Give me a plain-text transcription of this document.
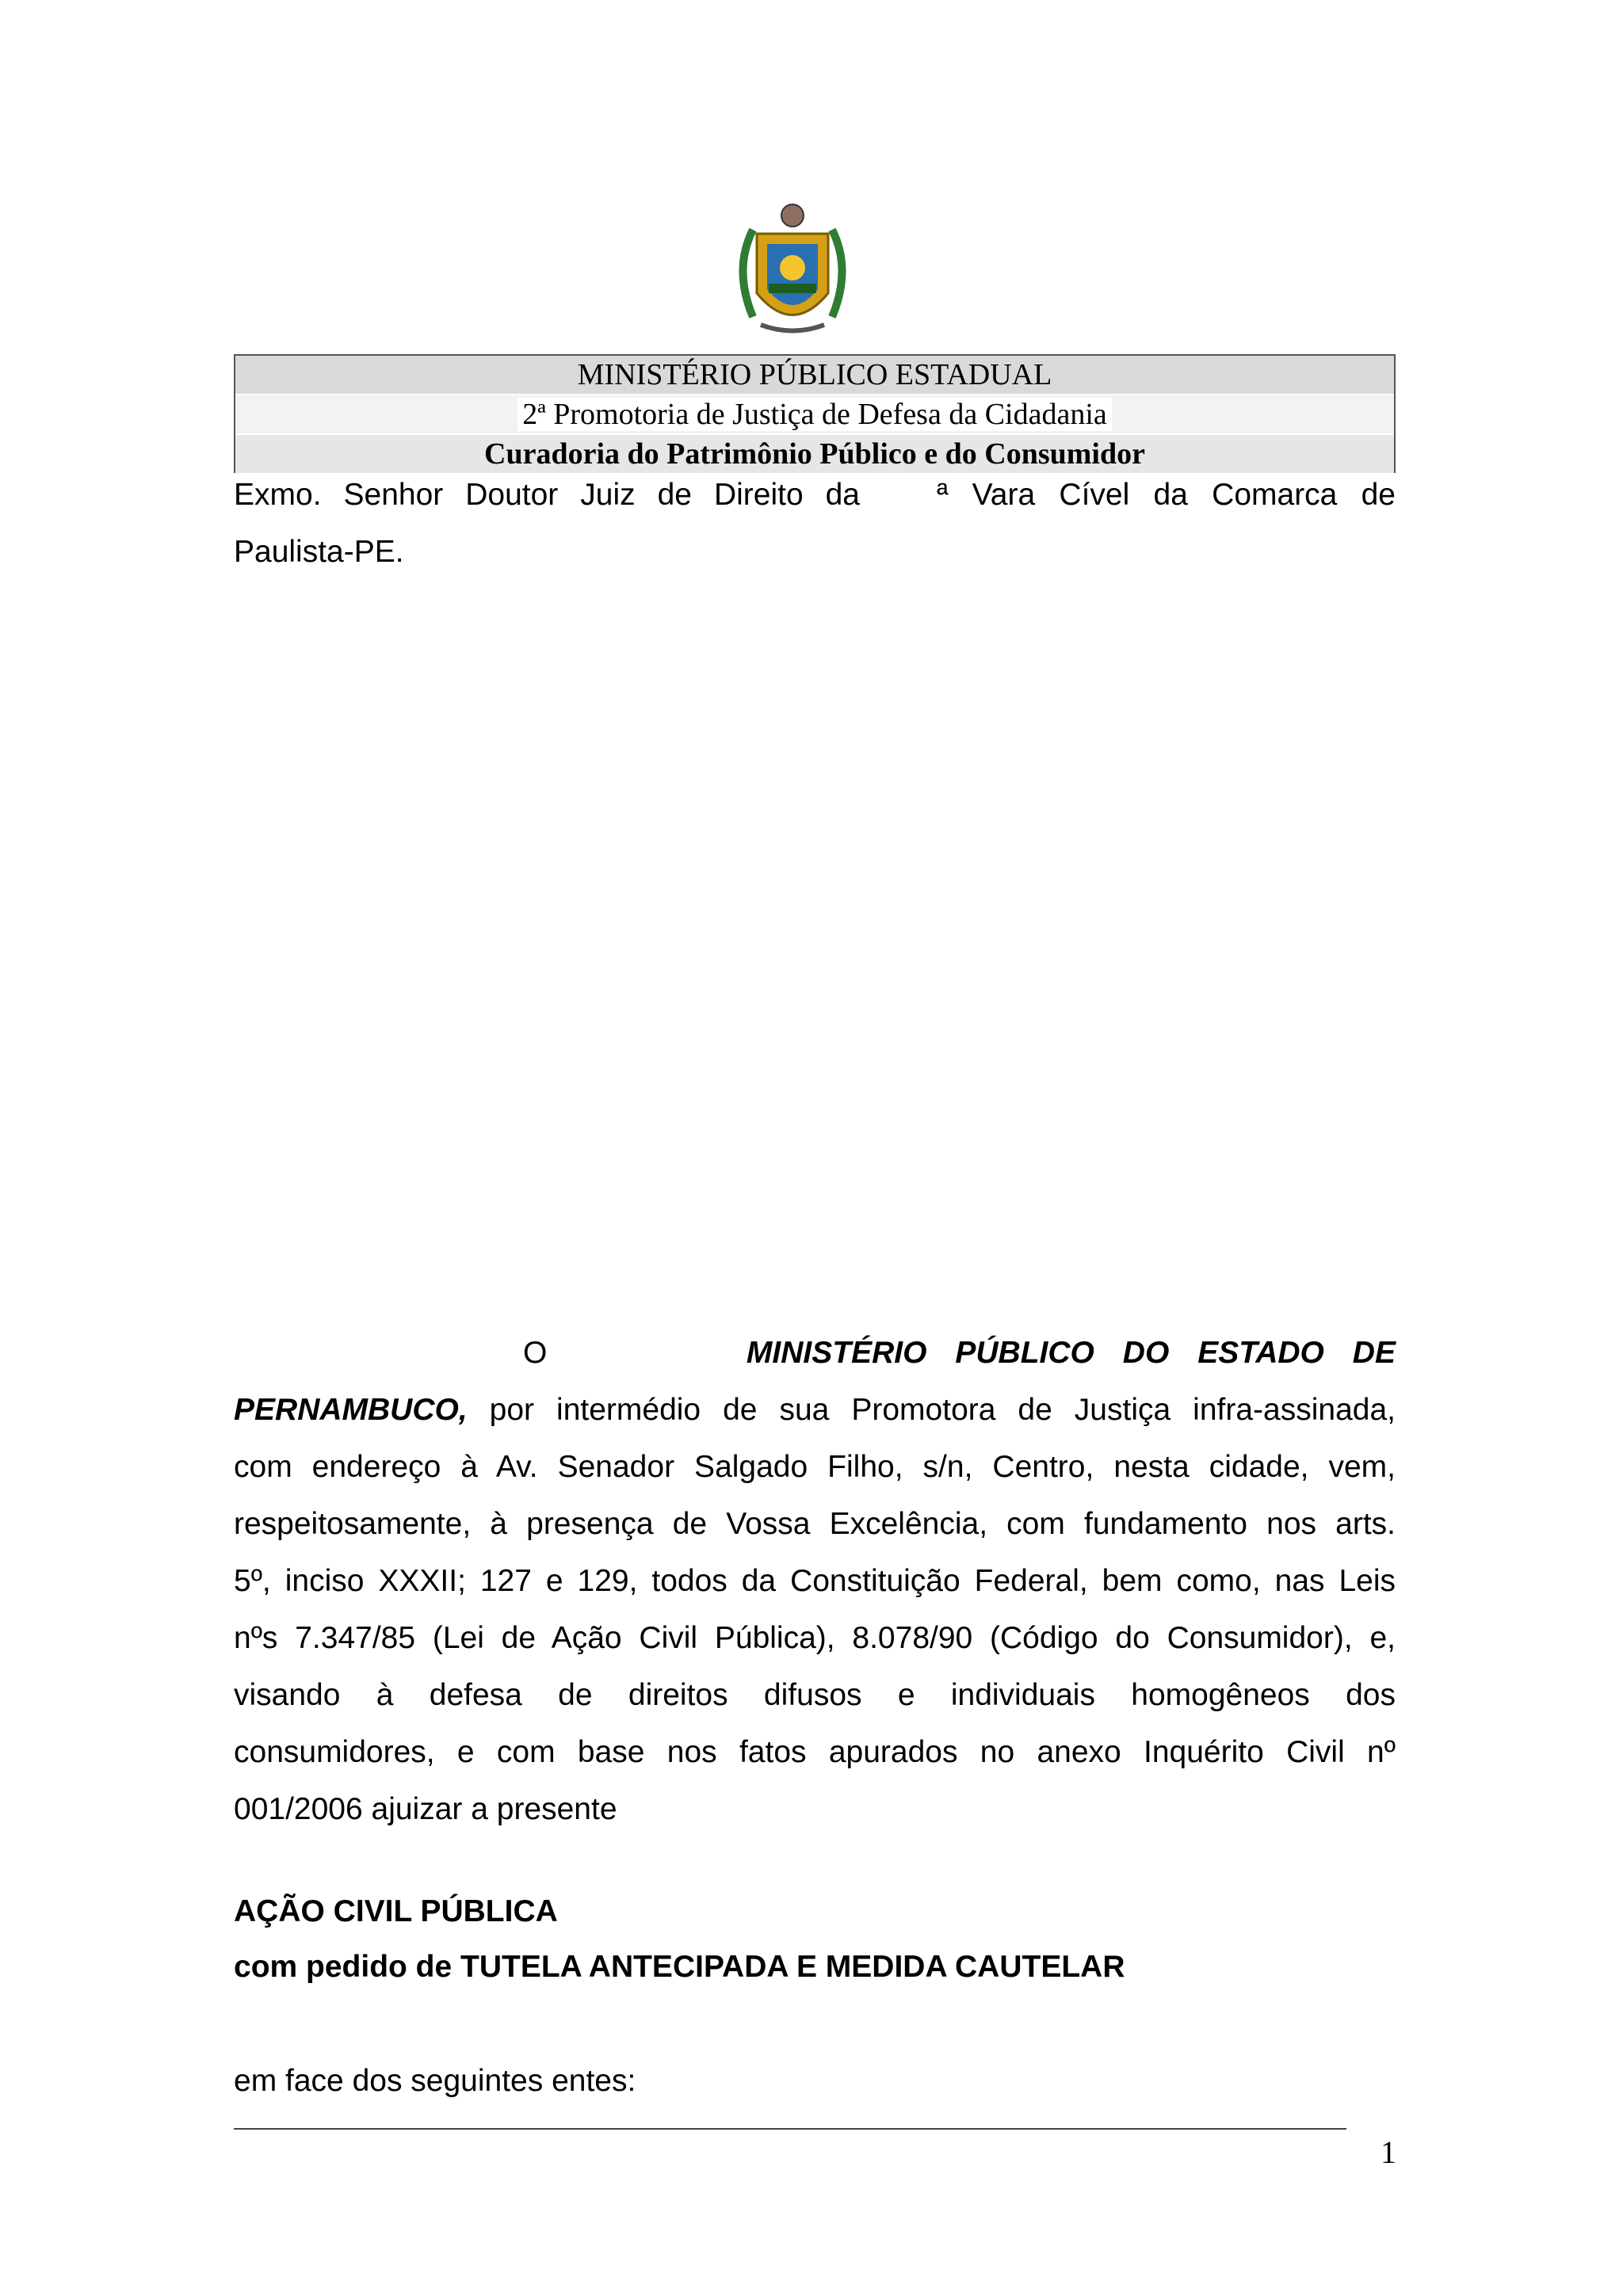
MINISTÉRIO PÚBLICO ESTADUAL
2ª Promotoria de Justiça de Defesa da Cidadania
Curadoria do Patrimônio Público e do Consumidor
Exmo. Senhor Doutor Juiz de Direito da ª Vara Cível da Comarca de
Paulista-PE.
O	MINISTÉRIO PÚBLICO DO ESTADO DE
PERNAMBUCO, por intermédio de sua Promotora de Justiça infra-assinada,
com endereço à Av. Senador Salgado Filho, s/n, Centro, nesta cidade, vem,
respeitosamente, à presença de Vossa Excelência, com fundamento nos arts.
5º, inciso XXXII; 127 e 129, todos da Constituição Federal, bem como, nas Leis
nºs 7.347/85 (Lei de Ação Civil Pública), 8.078/90 (Código do Consumidor), e,
visando à defesa de direitos difusos e individuais homogêneos dos
consumidores, e com base nos fatos apurados no anexo Inquérito Civil nº
001/2006 ajuizar a presente
AÇÃO CIVIL PÚBLICA
com pedido de TUTELA ANTECIPADA E MEDIDA CAUTELAR
em face dos seguintes entes:
1
